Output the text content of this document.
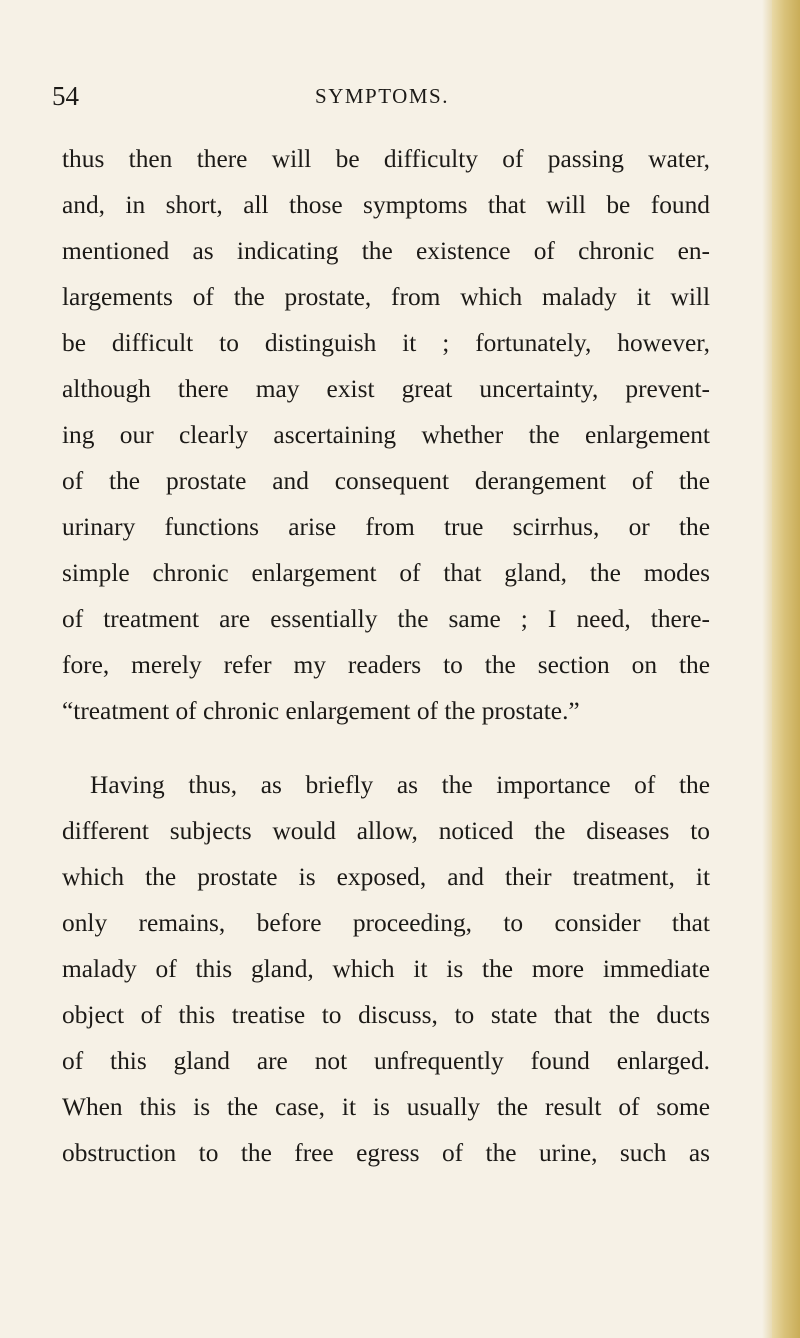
54	SYMPTOMS.
thus then there will be difficulty of passing water,
and, in short, all those symptoms that will be found
mentioned as indicating the existence of chronic en-
largements of the prostate, from which malady it will
be difficult to distinguish it ; fortunately, however,
although there may exist great uncertainty, prevent-
ing our clearly ascertaining whether the enlargement
of the prostate and consequent derangement of the
urinary functions arise from true scirrhus, or the
simple chronic enlargement of that gland, the modes
of treatment are essentially the same ; I need, there-
fore, merely refer my readers to the section on the
“treatment of chronic enlargement of the prostate.”
Having thus, as briefly as the importance of the
different subjects would allow, noticed the diseases to
which the prostate is exposed, and their treatment, it
only remains, before proceeding, to consider that
malady of this gland, which it is the more immediate
object of this treatise to discuss, to state that the ducts
of this gland are not unfrequently found enlarged.
When this is the case, it is usually the result of some
obstruction to the free egress of the urine, such as
